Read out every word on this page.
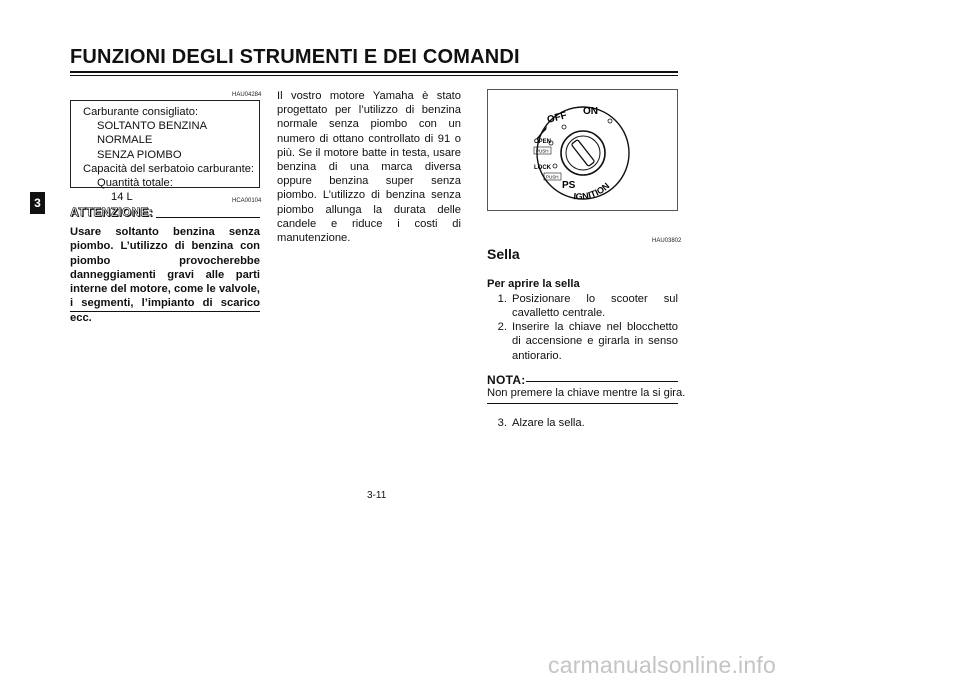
FUNZIONI DEGLI STRUMENTI E DEI COMANDI
3
HAU04284
Carburante consigliato:
SOLTANTO BENZINA NORMALE
SENZA PIOMBO
Capacità del serbatoio carburante:
Quantità totale:
14 L	HCA00104
ATTENZIONE:
Usare soltanto benzina senza piombo. L’utilizzo di benzina con piombo provocherebbe danneggiamenti gravi alle parti interne del motore, come le valvole, i segmenti, l’impianto di scarico ecc.
Il vostro motore Yamaha è stato progettato per l’utilizzo di benzina normale senza piombo con un numero di ottano controllato di 91 o più. Se il motore batte in testa, usare benzina di una marca diversa oppure benzina super senza piombo. L’utilizzo di benzina senza piombo allunga la durata delle candele e riduce i costi di manutenzione.
ON
OFF
OPEN
PUSH
LOCK
PUSH
PS
IGNITION
HAU03802
Sella
Per aprire la sella
1. Posizionare lo scooter sul cavalletto centrale.
2. Inserire la chiave nel blocchetto di accensione e girarla in senso antiorario.
NOTA:
Non premere la chiave mentre la si gira.
3. Alzare la sella.
3-11
carmanualsonline.info
